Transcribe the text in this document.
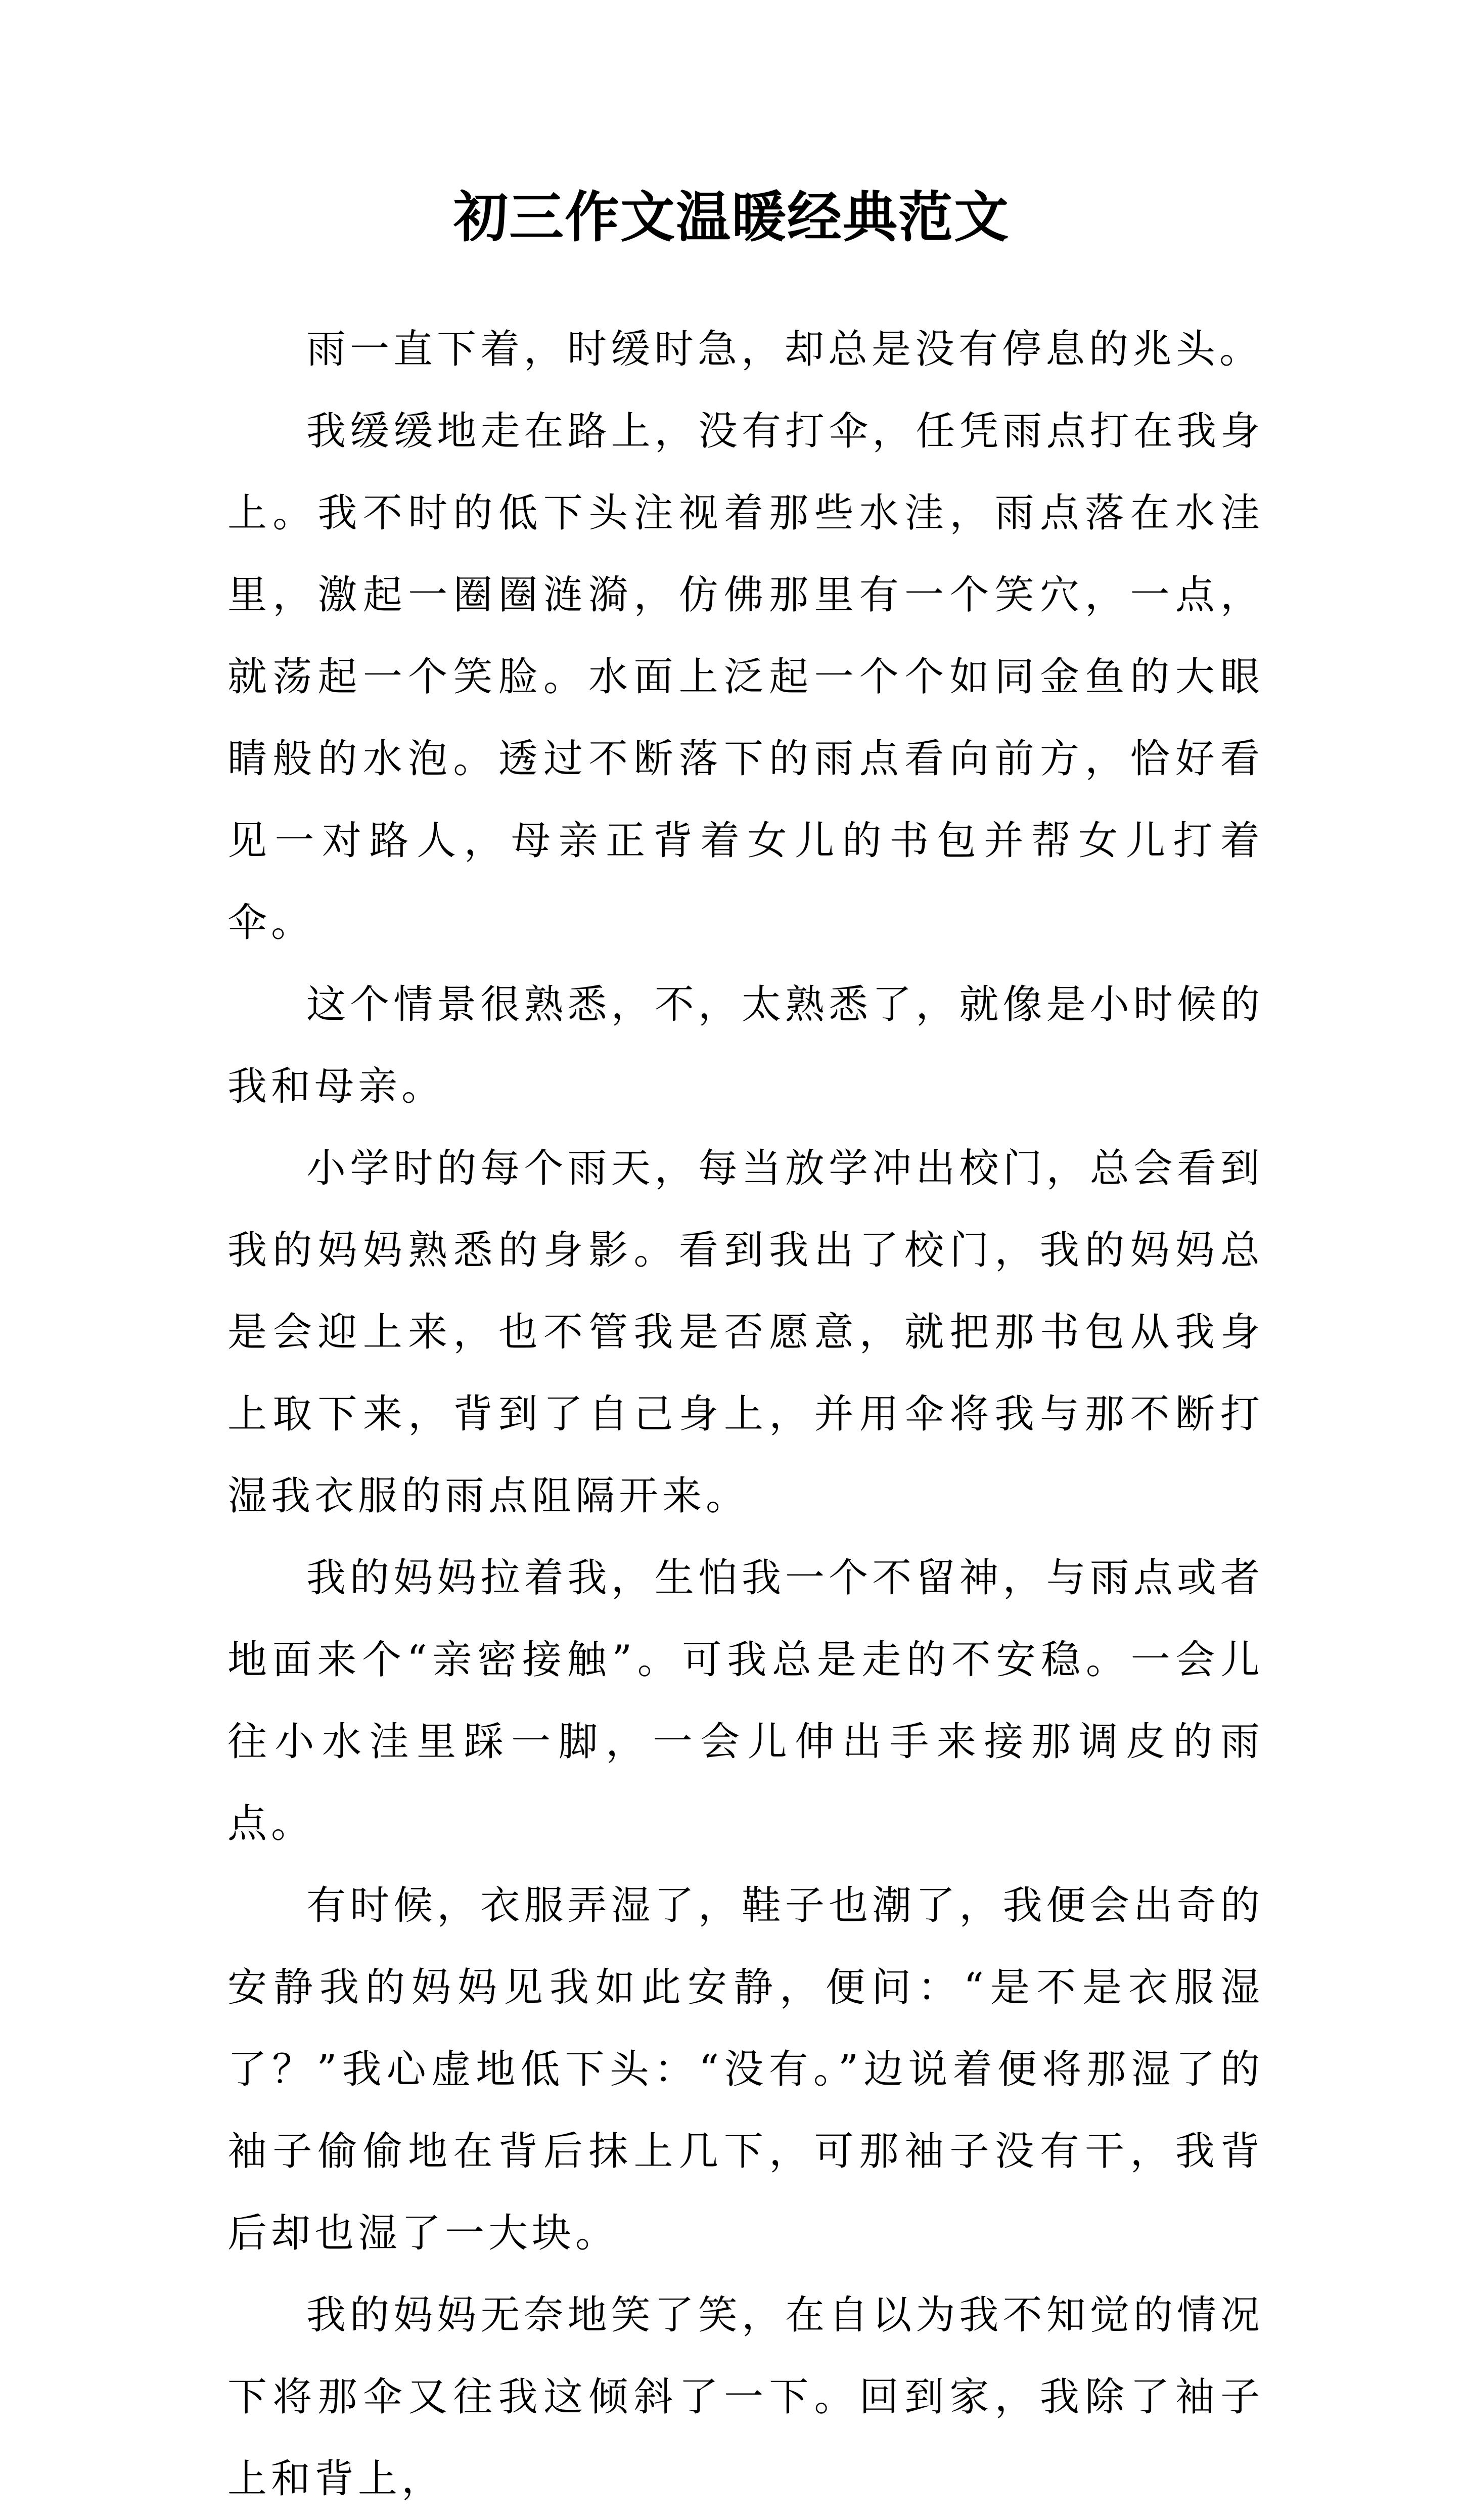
初三作文温暖经典范文

雨一直下着，时缓时急，却总是没有停息的兆头。

我缓缓地走在路上，没有打伞，任凭雨点打在我身上。我不时的低下头注视着那些水洼，雨点落在水洼里，激起一圈圈涟漪，仿佛那里有一个笑穴，一点，就荡起一个笑脸。水面上泛起一个个如同金鱼的大眼睛般的水泡。透过不断落下的雨点看向前方，恰好看见一对路人，母亲正背着女儿的书包并帮女儿打着伞。

这个情景很熟悉，不，太熟悉了，就像是小时候的我和母亲。

小学时的每个雨天，每当放学冲出校门，总会看到我的妈妈熟悉的身影。看到我出了校门，我的妈妈总是会迎上来，也不管我是否愿意，就把那书包从我身上取下来，背到了自己身上，并用伞将我与那不断打湿我衣服的雨点阻隔开来。

我的妈妈拉着我，生怕我一个不留神，与雨点或者地面来个“亲密接触”。可我总是走的不安稳。一会儿往小水洼里踩一脚，一会儿伸出手来接那调皮的雨点。

有时候，衣服弄湿了，鞋子也潮了，我便会出奇的安静我的妈妈见我如此安静，便问：“是不是衣服湿了？”我心虚地低下头：“没有。”边说着便将那湿了的袖子偷偷地在背后抹上几下，可那袖子没有干，我背后却也湿了一大块。

我的妈妈无奈地笑了笑，在自以为我不知觉的情况下将那伞又往我这倾斜了一下。回到家，我除了袖子上和背上，
